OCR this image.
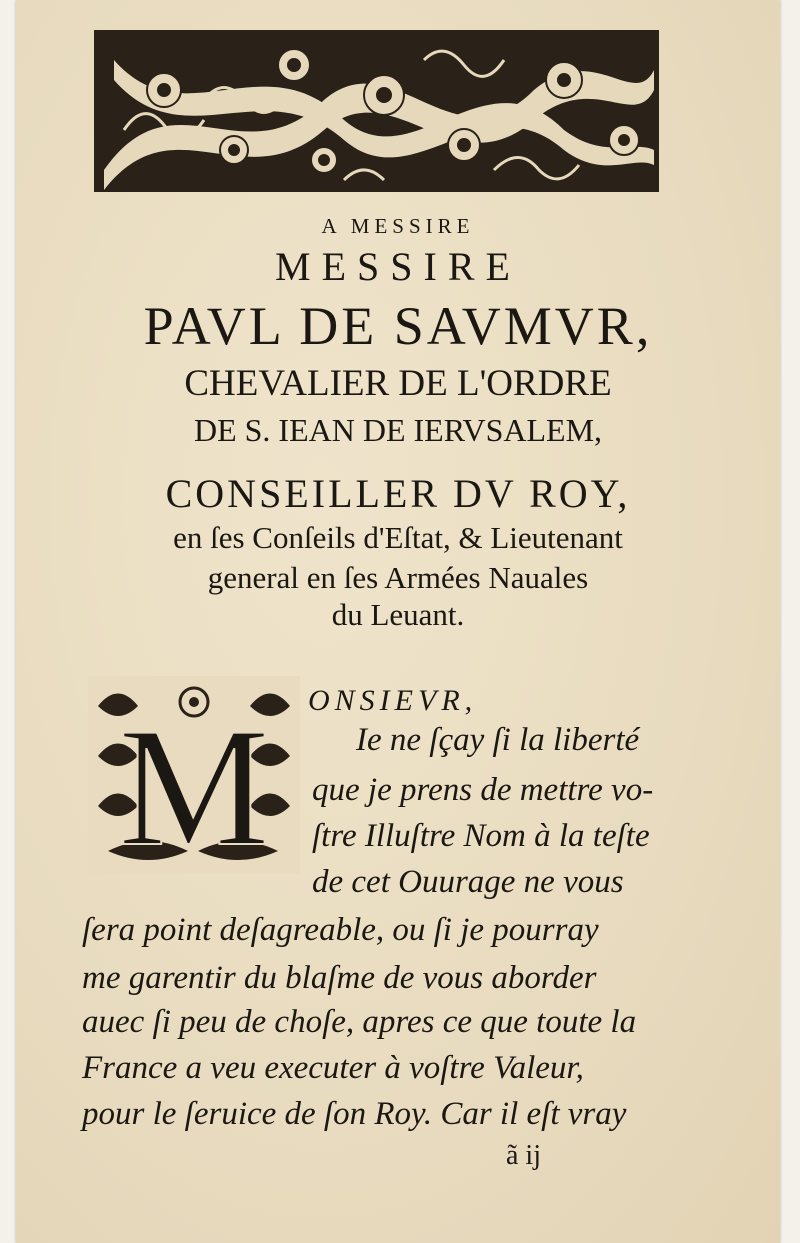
A MESSIRE
MESSIRE
PAVL DE SAVMVR,
CHEVALIER DE L'ORDRE
DE S. IEAN DE IERVSALEM,
CONSEILLER DV ROY,
en ſes Conſeils d'Eſtat, & Lieutenant
general en ſes Armées Nauales
du Leuant.
M ONSIEVR,
Ie ne ſçay ſi la liberté
que je prens de mettre vo-
ſtre Illuſtre Nom à la teſte
de cet Ouurage ne vous
ſera point deſagreable, ou ſi je pourray
me garentir du blaſme de vous aborder
auec ſi peu de choſe, apres ce que toute la
France a veu executer à voſtre Valeur,
pour le ſeruice de ſon Roy. Car il eſt vray
ã ij
